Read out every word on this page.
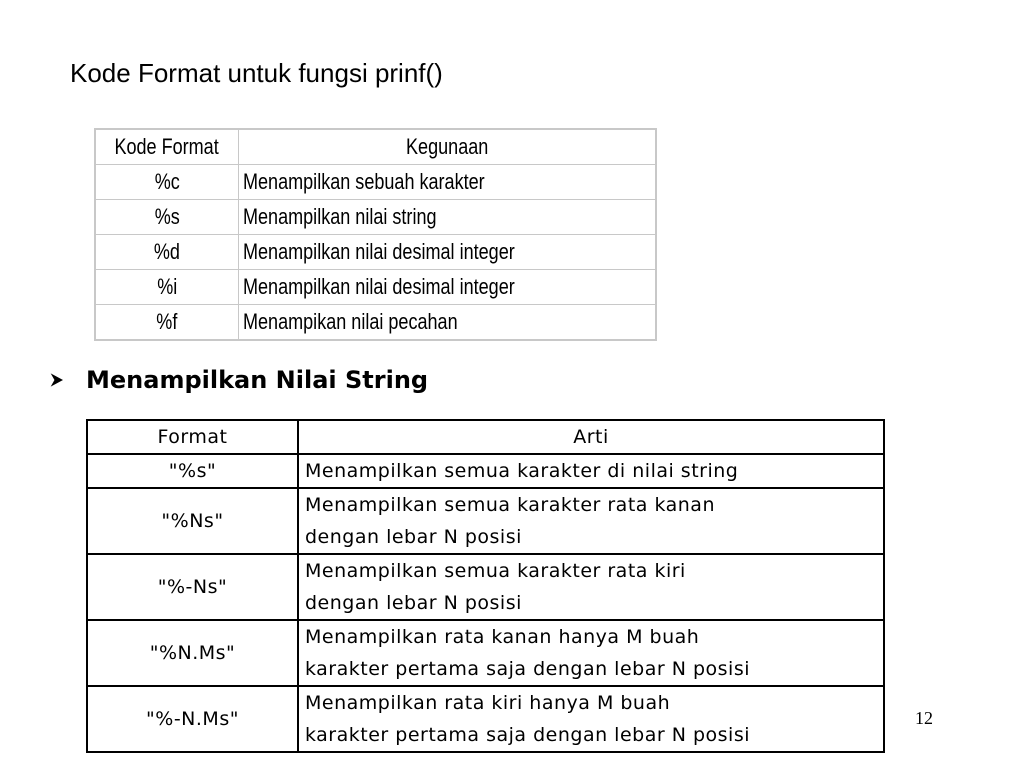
Kode Format untuk fungsi prinf()
Kode Format	Kegunaan
%c	Menampilkan sebuah karakter
%s	Menampilkan nilai string
%d	Menampilkan nilai desimal integer
%i	Menampilkan nilai desimal integer
%f	Menampikan nilai pecahan
Menampilkan Nilai String
Format	Arti
"%s"	Menampilkan semua karakter di nilai string

"%Ns"	Menampilkan semua karakter rata kanan
dengan lebar N posisi

"%-Ns"	Menampilkan semua karakter rata kiri
dengan lebar N posisi

"%N.Ms"	Menampilkan rata kanan hanya M buah
karakter pertama saja dengan lebar N posisi

"%-N.Ms"	Menampilkan rata kiri hanya M buah
karakter pertama saja dengan lebar N posisi
12
